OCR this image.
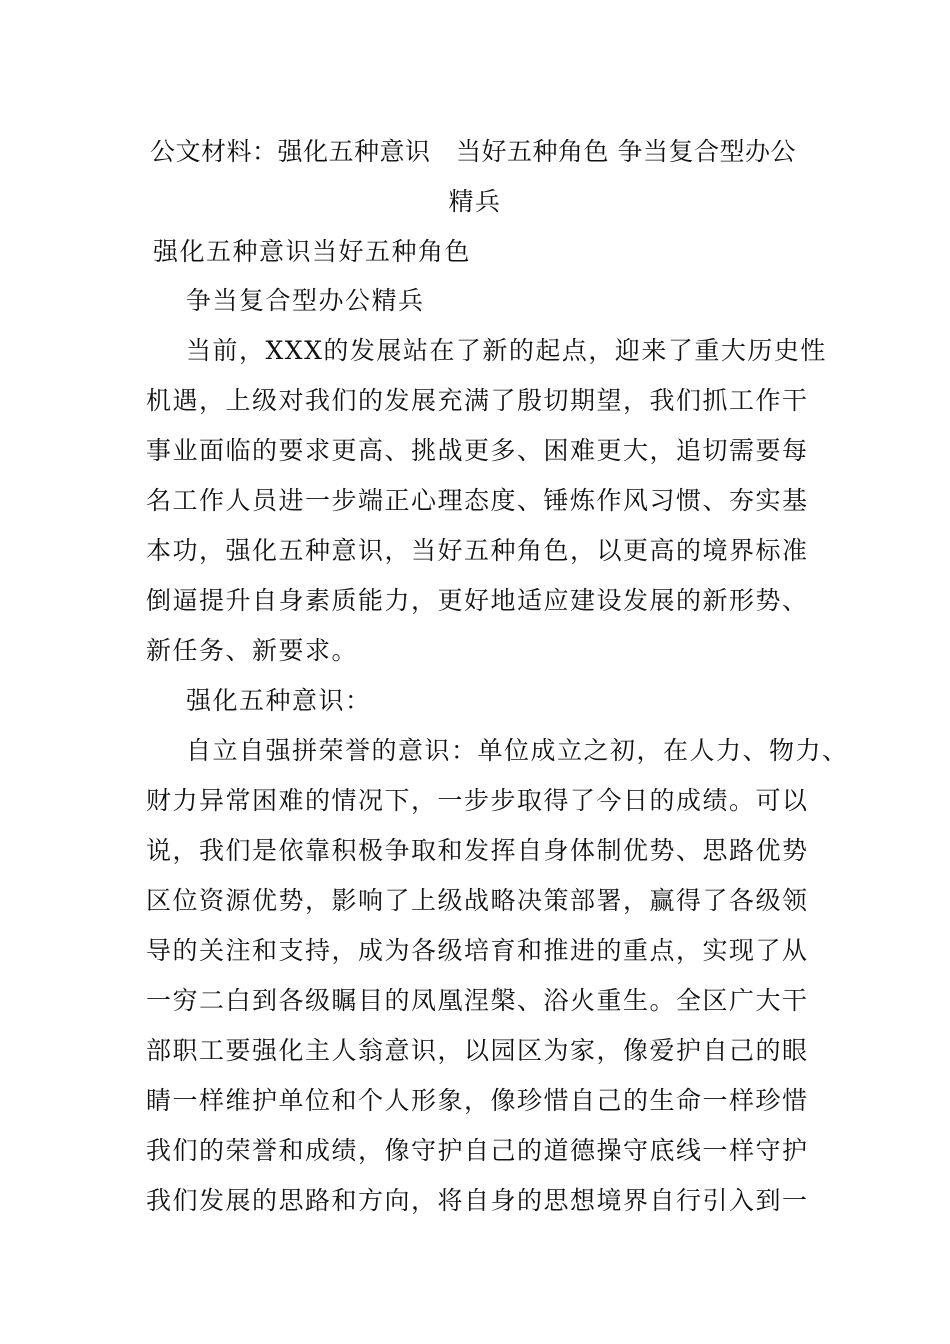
公文材料：强化五种意识　当好五种角色 争当复合型办公
精兵
强化五种意识当好五种角色
争当复合型办公精兵
当前，XXX的发展站在了新的起点，迎来了重大历史性
机遇，上级对我们的发展充满了殷切期望，我们抓工作干
事业面临的要求更高、挑战更多、困难更大，追切需要每
名工作人员进一步端正心理态度、锤炼作风习惯、夯实基
本功，强化五种意识，当好五种角色，以更高的境界标准
倒逼提升自身素质能力，更好地适应建设发展的新形势、
新任务、新要求。
强化五种意识：
自立自强拼荣誉的意识：单位成立之初，在人力、物力、
财力异常困难的情况下，一步步取得了今日的成绩。可以
说，我们是依靠积极争取和发挥自身体制优势、思路优势
区位资源优势，影响了上级战略决策部署，赢得了各级领
导的关注和支持，成为各级培育和推进的重点，实现了从
一穷二白到各级瞩目的凤凰涅槃、浴火重生。全区广大干
部职工要强化主人翁意识，以园区为家，像爱护自己的眼
睛一样维护单位和个人形象，像珍惜自己的生命一样珍惜
我们的荣誉和成绩，像守护自己的道德操守底线一样守护
我们发展的思路和方向，将自身的思想境界自行引入到一
